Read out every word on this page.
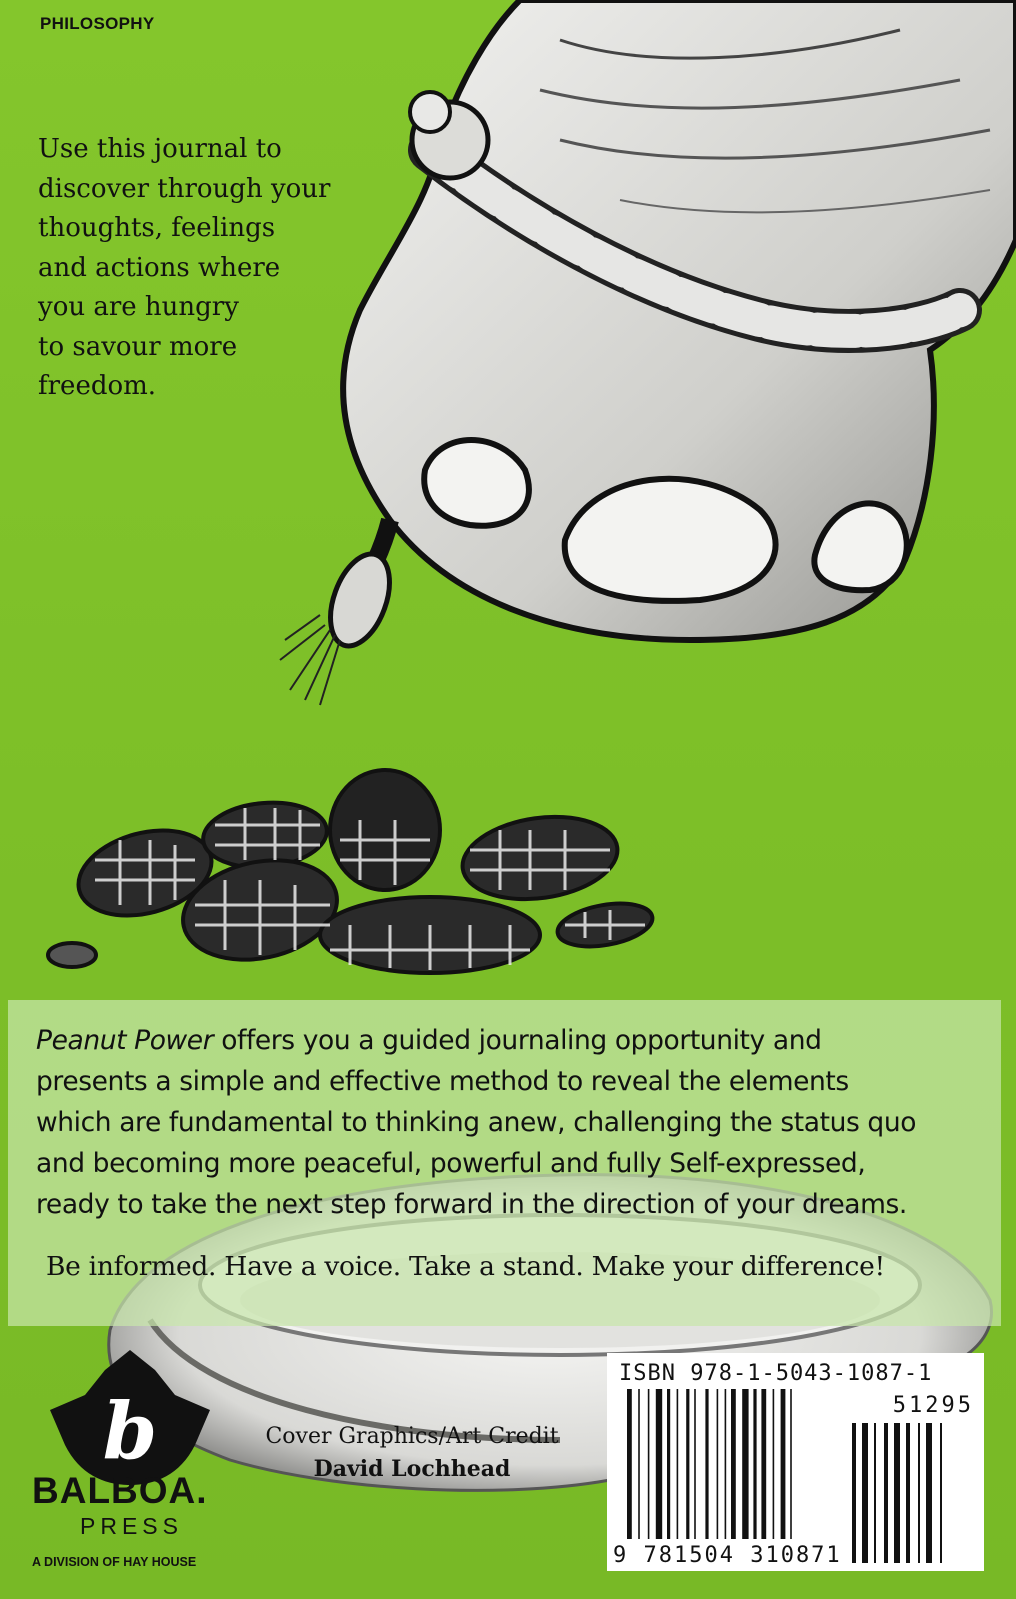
PHILOSOPHY

Use this journal to
discover through your
thoughts, feelings
and actions where
you are hungry
to savour more
freedom.

Peanut Power offers you a guided journaling opportunity and
presents a simple and effective method to reveal the elements
which are fundamental to thinking anew, challenging the status quo
and becoming more peaceful, powerful and fully Self-expressed,
ready to take the next step forward in the direction of your dreams.

Be informed. Have a voice. Take a stand. Make your difference!
b
BALBOA.
PRESS
A DIVISION OF HAY HOUSE
Cover Graphics/Art Credit
David Lochhead
ISBN 978-1-5043-1087-1
51295
9 781504 310871
